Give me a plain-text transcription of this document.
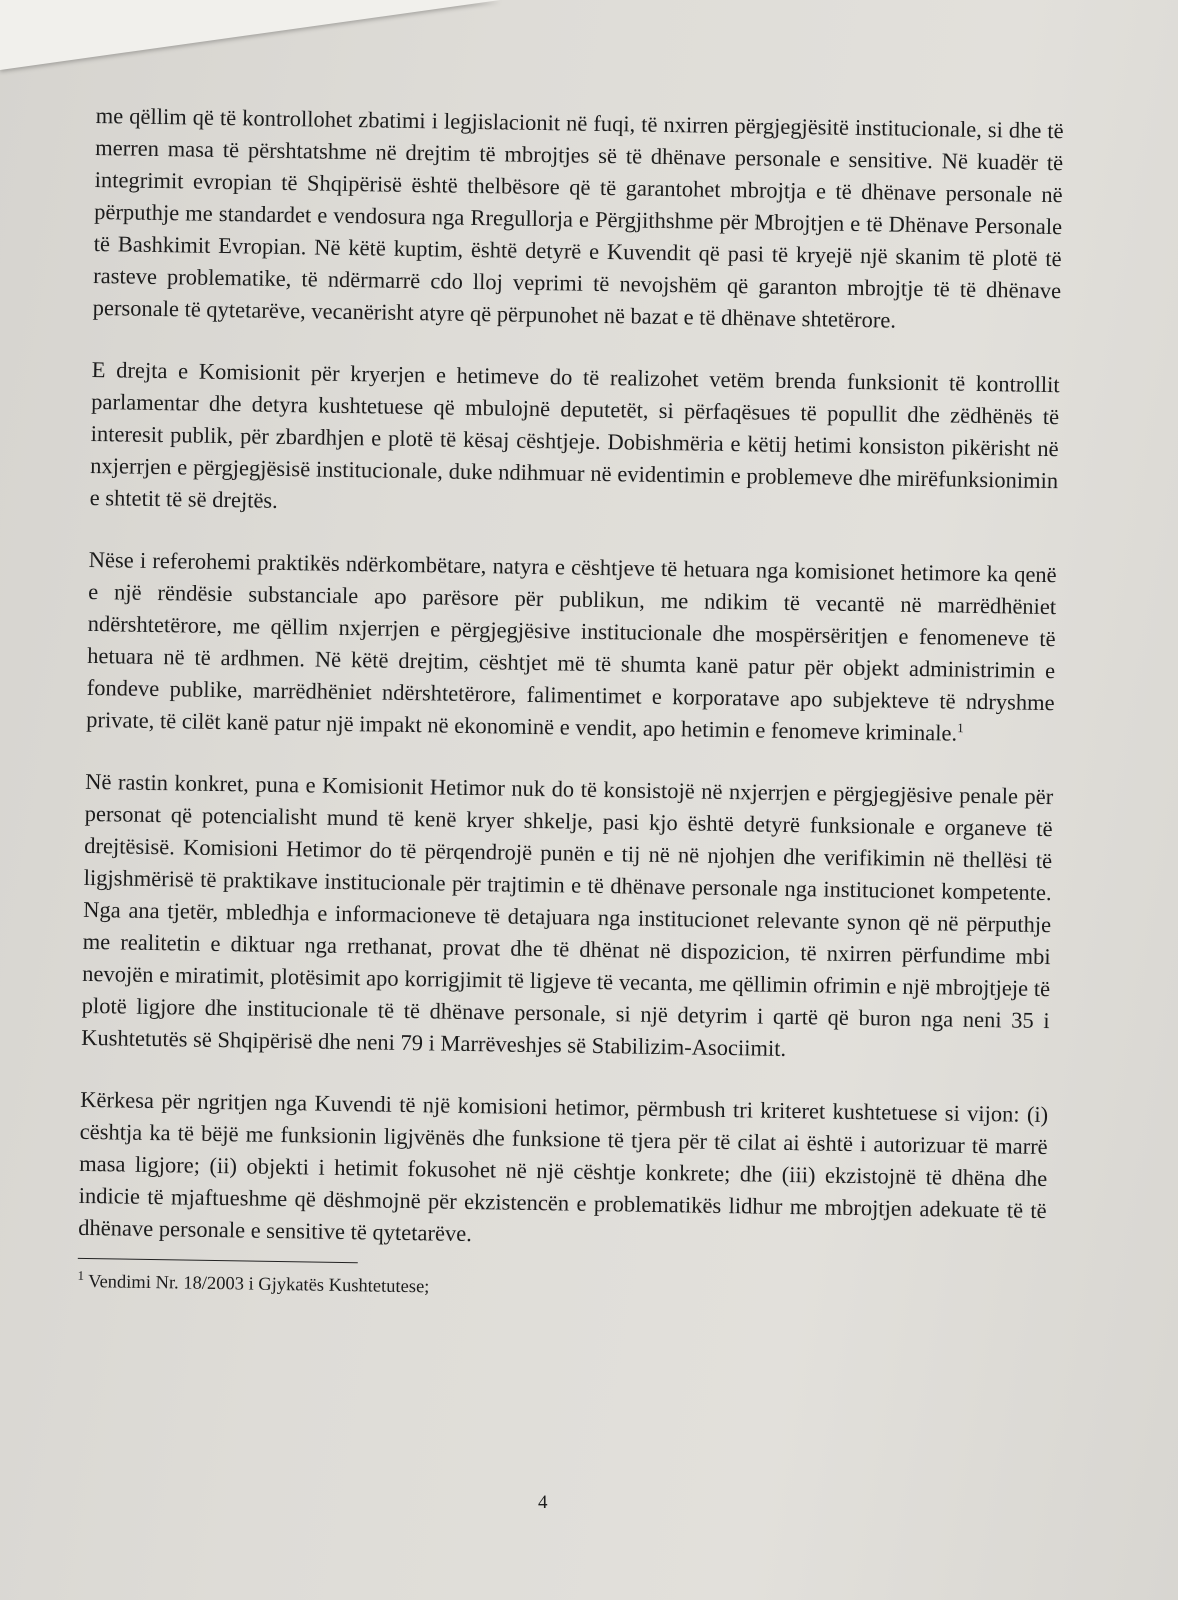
me qëllim që të kontrollohet zbatimi i legjislacionit në fuqi, të nxirren përgjegjësitë institucionale, si dhe të merren masa të përshtatshme në drejtim të mbrojtjes së të dhënave personale e sensitive. Në kuadër të integrimit evropian të Shqipërisë është thelbësore që të garantohet mbrojtja e të dhënave personale në përputhje me standardet e vendosura nga Rregullorja e Përgjithshme për Mbrojtjen e të Dhënave Personale të Bashkimit Evropian. Në këtë kuptim, është detyrë e Kuvendit që pasi të kryejë një skanim të plotë të rasteve problematike, të ndërmarrë cdo lloj veprimi të nevojshëm që garanton mbrojtje të të dhënave personale të qytetarëve, vecanërisht atyre që përpunohet në bazat e të dhënave shtetërore.

E drejta e Komisionit për kryerjen e hetimeve do të realizohet vetëm brenda funksionit të kontrollit parlamentar dhe detyra kushtetuese që mbulojnë deputetët, si përfaqësues të popullit dhe zëdhënës të interesit publik, për zbardhjen e plotë të kësaj cështjeje. Dobishmëria e këtij hetimi konsiston pikërisht në nxjerrjen e përgjegjësisë institucionale, duke ndihmuar në evidentimin e problemeve dhe mirëfunksionimin e shtetit të së drejtës.

Nëse i referohemi praktikës ndërkombëtare, natyra e cështjeve të hetuara nga komisionet hetimore ka qenë e një rëndësie substanciale apo parësore për publikun, me ndikim të vecantë në marrëdhëniet ndërshtetërore, me qëllim nxjerrjen e përgjegjësive institucionale dhe mospërsëritjen e fenomeneve të hetuara në të ardhmen. Në këtë drejtim, cështjet më të shumta kanë patur për objekt administrimin e fondeve publike, marrëdhëniet ndërshtetërore, falimentimet e korporatave apo subjekteve të ndryshme private, të cilët kanë patur një impakt në ekonominë e vendit, apo hetimin e fenomeve kriminale.$^1$

Në rastin konkret, puna e Komisionit Hetimor nuk do të konsistojë në nxjerrjen e përgjegjësive penale për personat që potencialisht mund të kenë kryer shkelje, pasi kjo është detyrë funksionale e organeve të drejtësisë. Komisioni Hetimor do të përqendrojë punën e tij në në njohjen dhe verifikimin në thellësi të ligjshmërisë të praktikave institucionale për trajtimin e të dhënave personale nga institucionet kompetente. Nga ana tjetër, mbledhja e informacioneve të detajuara nga institucionet relevante synon që në përputhje me realitetin e diktuar nga rrethanat, provat dhe të dhënat në dispozicion, të nxirren përfundime mbi nevojën e miratimit, plotësimit apo korrigjimit të ligjeve të vecanta, me qëllimin ofrimin e një mbrojtjeje të plotë ligjore dhe institucionale të të dhënave personale, si një detyrim i qartë që buron nga neni 35 i Kushtetutës së Shqipërisë dhe neni 79 i Marrëveshjes së Stabilizim-Asociimit.

Kërkesa për ngritjen nga Kuvendi të një komisioni hetimor, përmbush tri kriteret kushtetuese si vijon: (i) cështja ka të bëjë me funksionin ligjvënës dhe funksione të tjera për të cilat ai është i autorizuar të marrë masa ligjore; (ii) objekti i hetimit fokusohet në një cështje konkrete; dhe (iii) ekzistojnë të dhëna dhe indicie të mjaftueshme që dëshmojnë për ekzistencën e problematikës lidhur me mbrojtjen adekuate të të dhënave personale e sensitive të qytetarëve.

$^1$ Vendimi Nr. 18/2003 i Gjykatës Kushtetutese;

4
